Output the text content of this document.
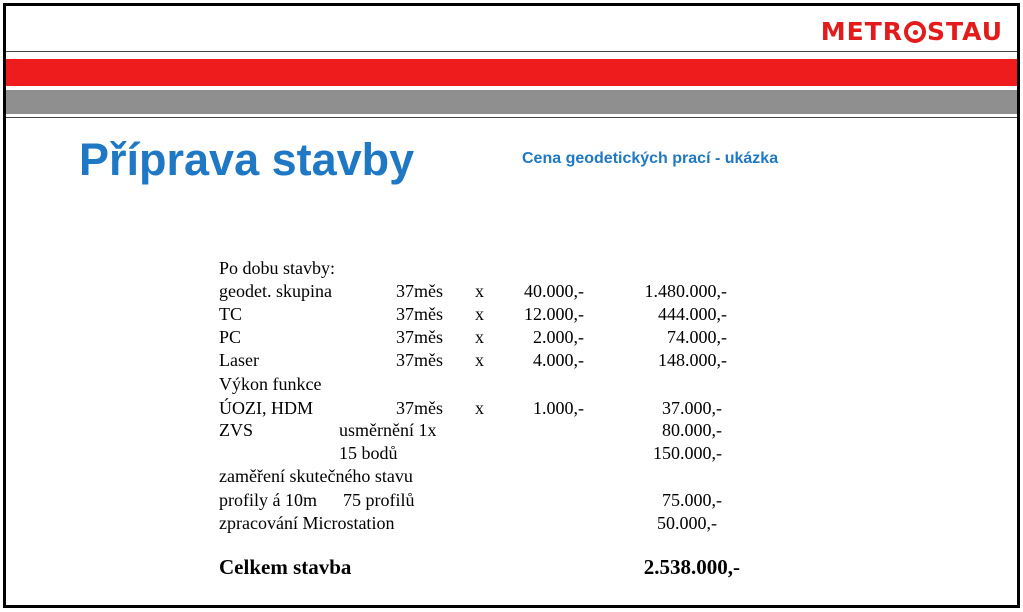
METR STAU
Příprava stavby	Cena geodetických prací - ukázka
Po dobu stavby:
geodet. skupina	37měs x 40.000,-	1.480.000,-
TC	37měs x 12.000,-	444.000,-
PC	37měs x	2.000,-	74.000,-
Laser	37měs x	4.000,-	148.000,-
Výkon funkce
ÚOZI, HDM	37měs x	1.000,-	37.000,-
ZVS	usměrnění 1x	80.000,-
15 bodů	150.000,-
zaměření skutečného stavu
profily á 10m 75 profilů	75.000,-
zpracování Microstation	50.000,-
Celkem stavba	2.538.000,-
